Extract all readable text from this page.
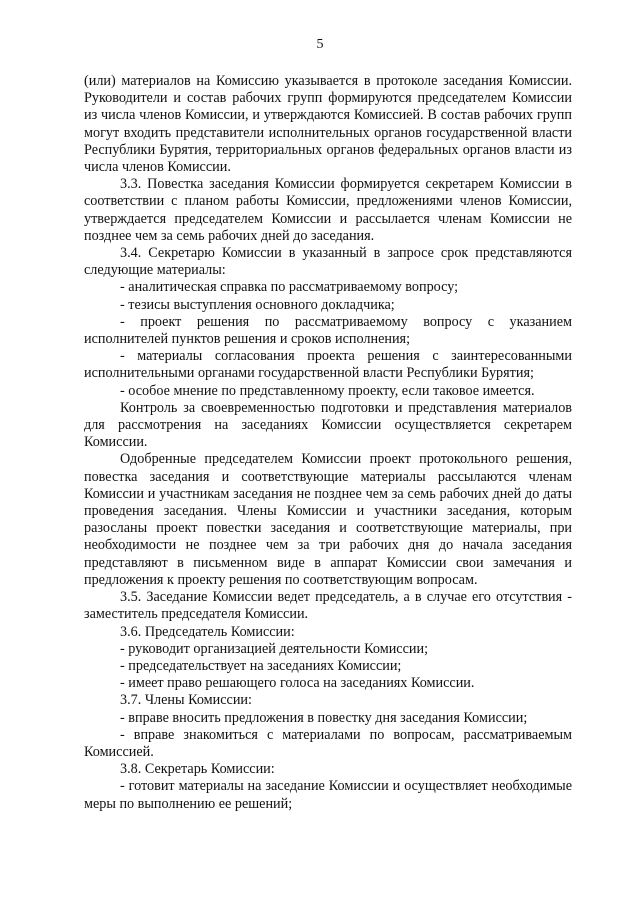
5

(или) материалов на Комиссию указывается в протоколе заседания Комиссии. Руководители и состав рабочих групп формируются председателем Комиссии из числа членов Комиссии, и утверждаются Комиссией. В состав рабочих групп могут входить представители исполнительных органов государственной власти Республики Бурятия, территориальных органов федеральных органов власти из числа членов Комиссии.

3.3. Повестка заседания Комиссии формируется секретарем Комиссии в соответствии с планом работы Комиссии, предложениями членов Комиссии, утверждается председателем Комиссии и рассылается членам Комиссии не позднее чем за семь рабочих дней до заседания.

3.4. Секретарю Комиссии в указанный в запросе срок представляются следующие материалы:

- аналитическая справка по рассматриваемому вопросу;

- тезисы выступления основного докладчика;

- проект решения по рассматриваемому вопросу с указанием исполнителей пунктов решения и сроков исполнения;

- материалы согласования проекта решения с заинтересованными исполнительными органами государственной власти Республики Бурятия;

- особое мнение по представленному проекту, если таковое имеется.

Контроль за своевременностью подготовки и представления материалов для рассмотрения на заседаниях Комиссии осуществляется секретарем Комиссии.

Одобренные председателем Комиссии проект протокольного решения, повестка заседания и соответствующие материалы рассылаются членам Комиссии и участникам заседания не позднее чем за семь рабочих дней до даты проведения заседания. Члены Комиссии и участники заседания, которым разосланы проект повестки заседания и соответствующие материалы, при необходимости не позднее чем за три рабочих дня до начала заседания представляют в письменном виде в аппарат Комиссии свои замечания и предложения к проекту решения по соответствующим вопросам.

3.5. Заседание Комиссии ведет председатель, а в случае его отсутствия - заместитель председателя Комиссии.

3.6. Председатель Комиссии:

- руководит организацией деятельности Комиссии;

- председательствует на заседаниях Комиссии;

- имеет право решающего голоса на заседаниях Комиссии.

3.7. Члены Комиссии:

- вправе вносить предложения в повестку дня заседания Комиссии;

- вправе знакомиться с материалами по вопросам, рассматриваемым Комиссией.

3.8. Секретарь Комиссии:

- готовит материалы на заседание Комиссии и осуществляет необходимые меры по выполнению ее решений;
